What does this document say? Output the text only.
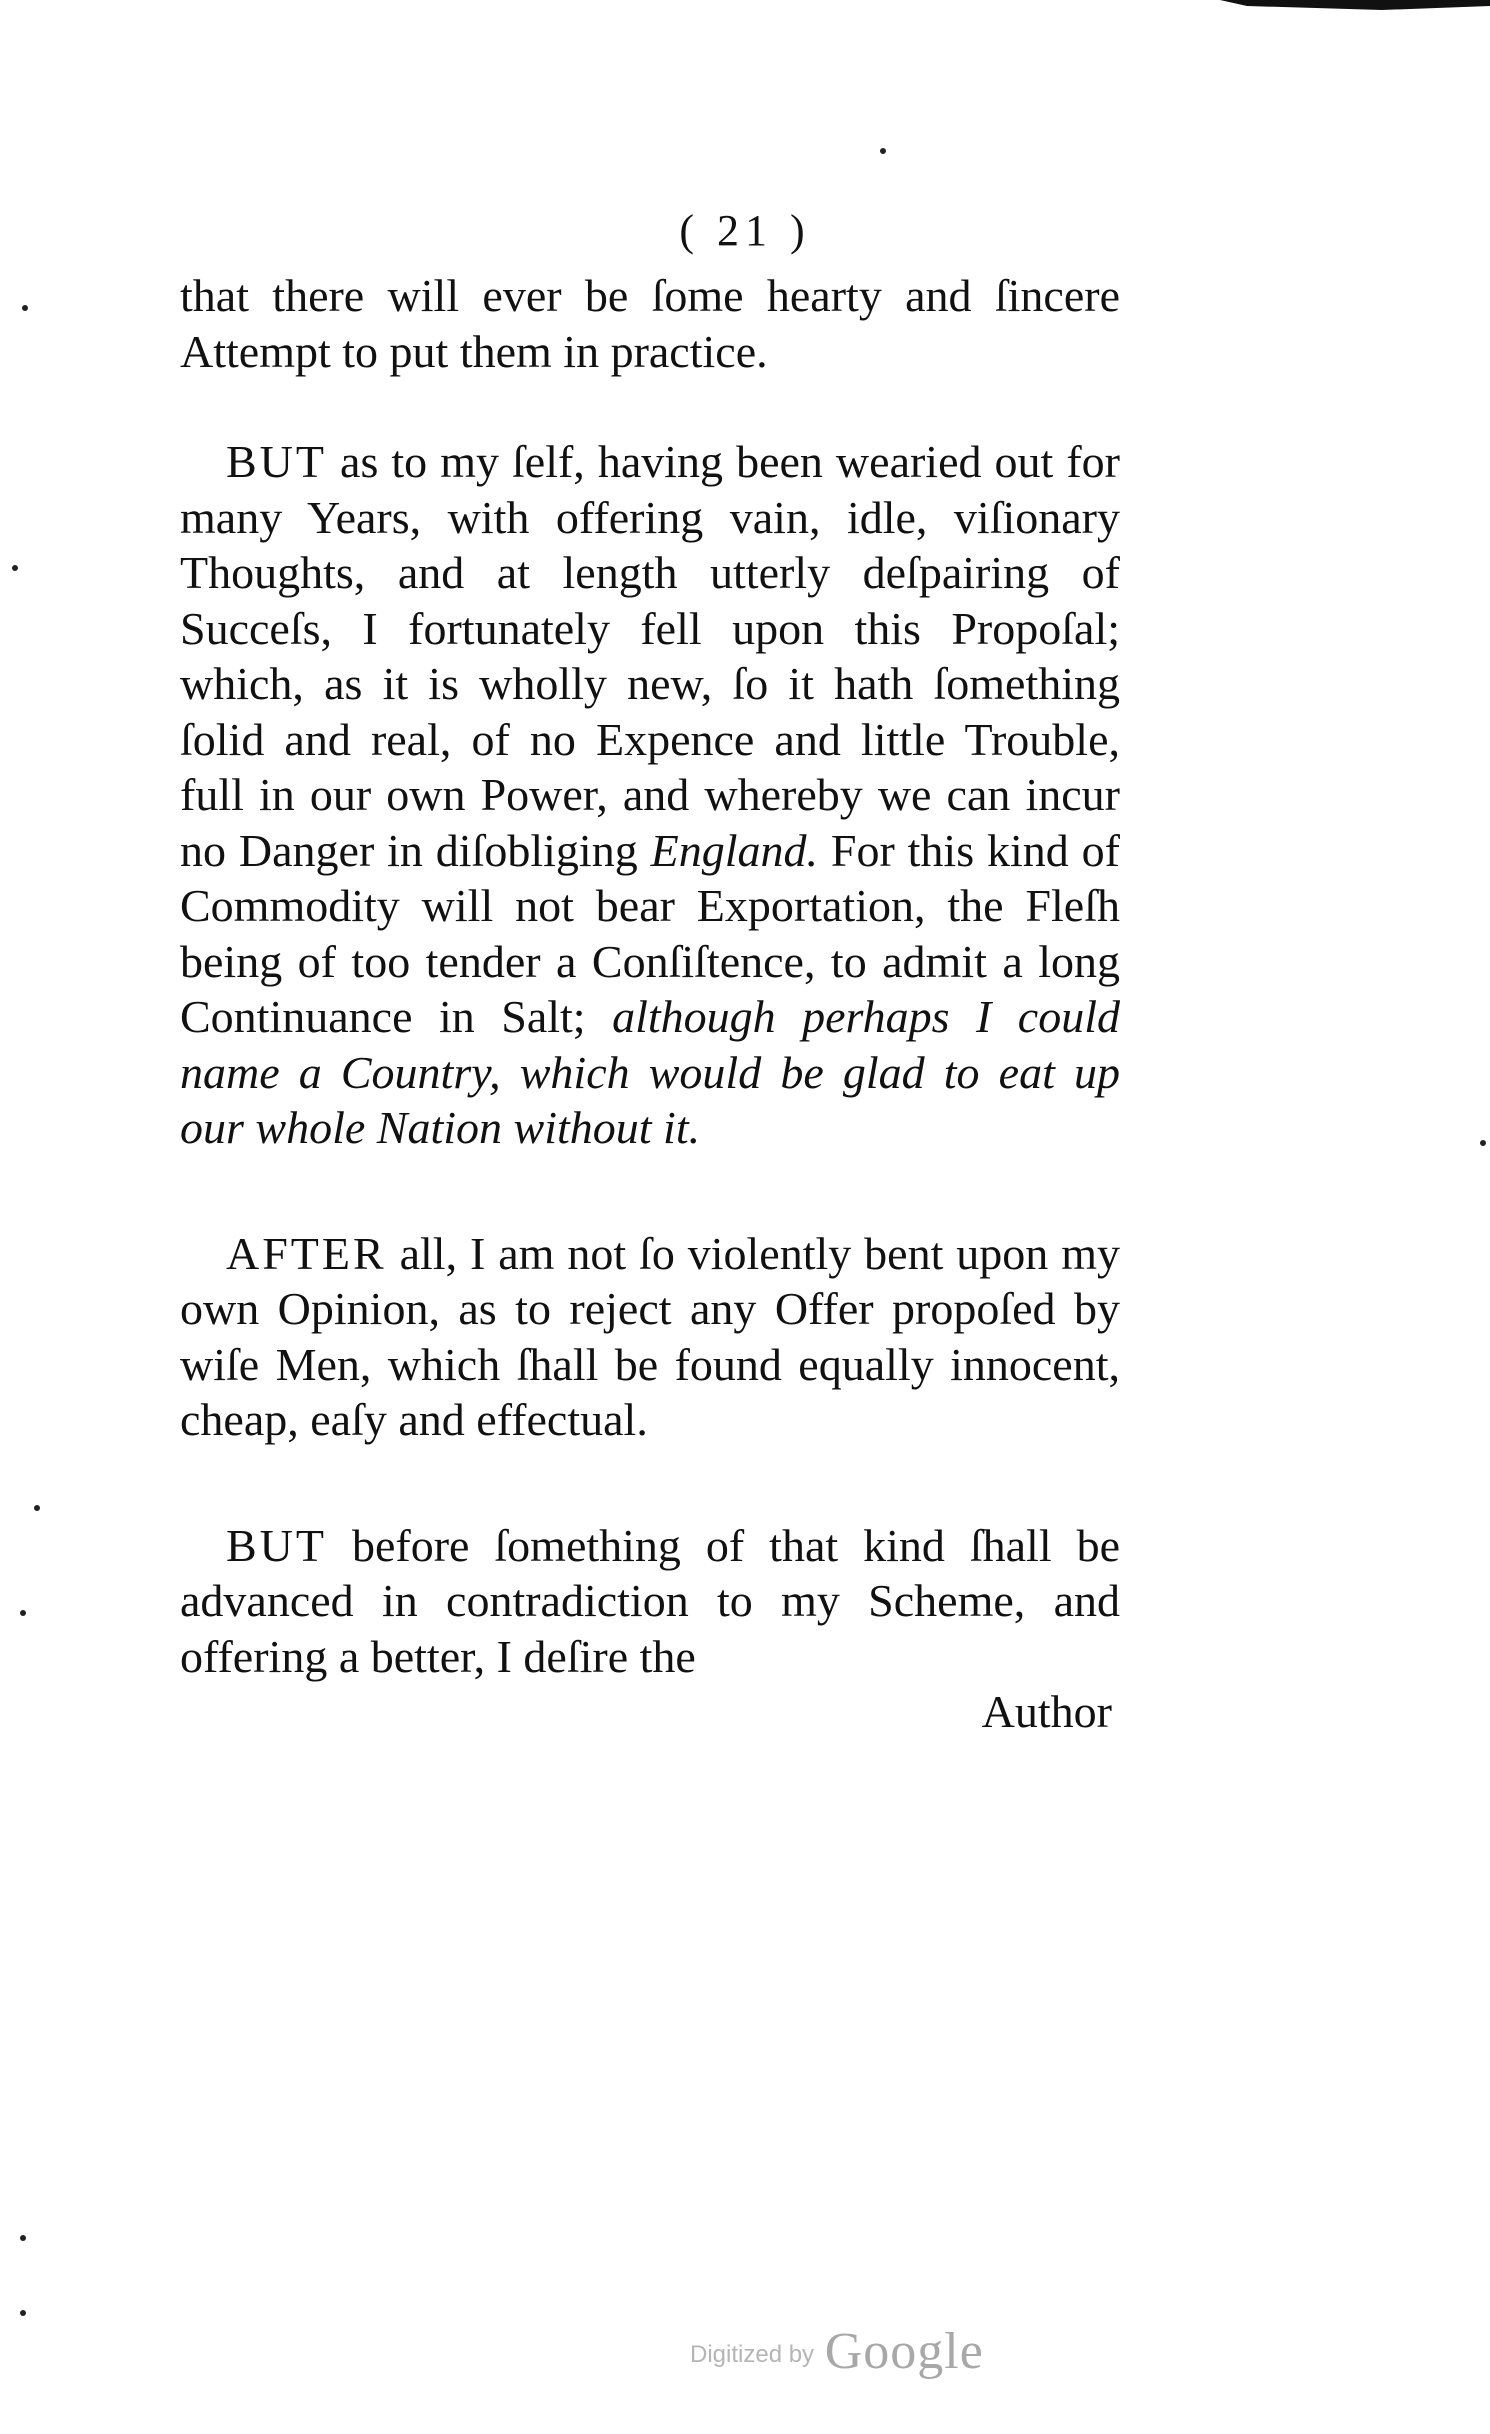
( 21 )

that there will ever be ſome hearty and ſincere Attempt to put them in practice.

BUT as to my ſelf, having been wearied out for many Years, with offering vain, idle, viſionary Thoughts, and at length utterly deſpairing of Succeſs, I fortunately fell upon this Propoſal; which, as it is wholly new, ſo it hath ſomething ſolid and real, of no Expence and little Trouble, full in our own Power, and whereby we can incur no Danger in diſobliging England. For this kind of Commodity will not bear Exportation, the Fleſh being of too tender a Conſiſtence, to admit a long Continuance in Salt; although perhaps I could name a Country, which would be glad to eat up our whole Nation without it.

AFTER all, I am not ſo violently bent upon my own Opinion, as to reject any Offer propoſed by wiſe Men, which ſhall be found equally innocent, cheap, eaſy and effectual.

BUT before ſomething of that kind ſhall be advanced in contradiction to my Scheme, and offering a better, I deſire the

Author

Digitized by Google
